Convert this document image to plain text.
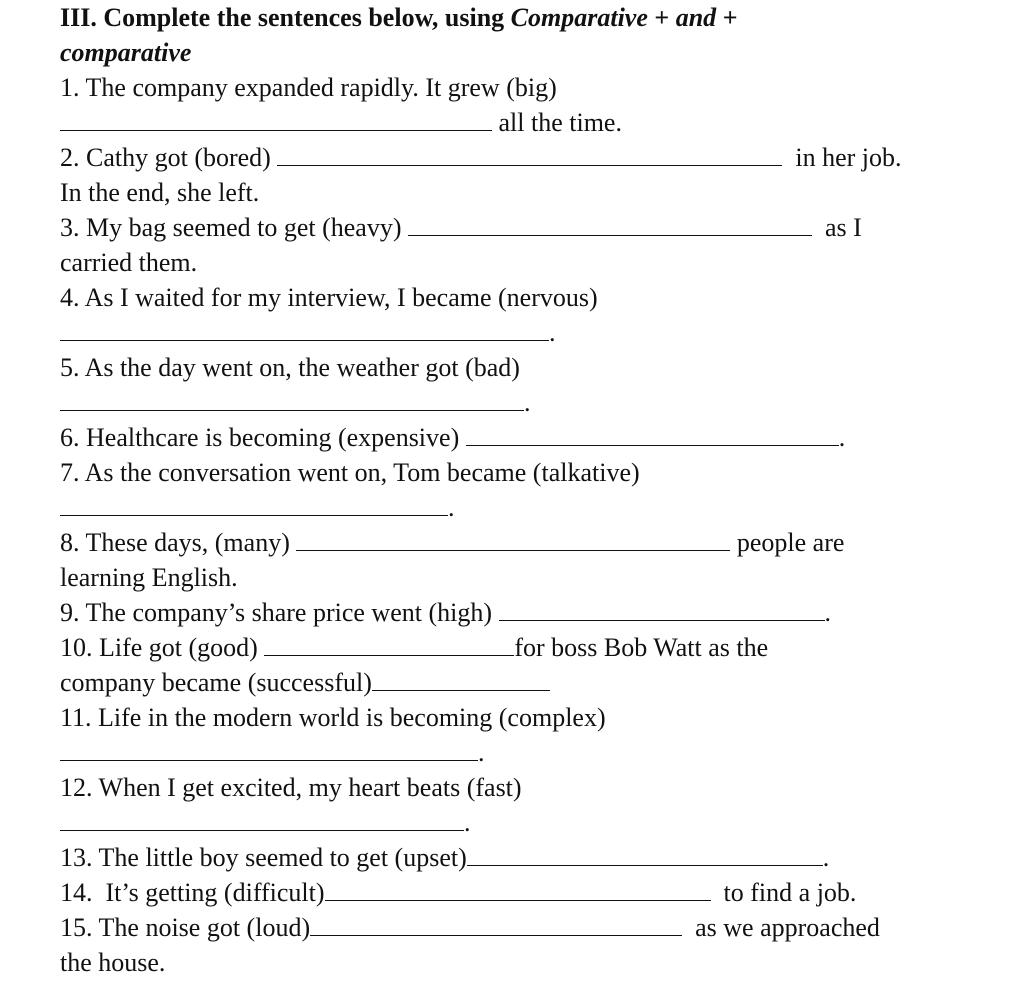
III. Complete the sentences below, using Comparative + and +
comparative
1. The company expanded rapidly. It grew (big)
all the time.
2. Cathy got (bored)	in her job.
In the end, she left.
3. My bag seemed to get (heavy)	as I
carried them.
4. As I waited for my interview, I became (nervous)
.
5. As the day went on, the weather got (bad)
.
6. Healthcare is becoming (expensive)	.
7. As the conversation went on, Tom became (talkative)
.
8. These days, (many)	people are
learning English.
9. The company’s share price went (high)	.
10. Life got (good)	for boss Bob Watt as the
company became (successful)
11. Life in the modern world is becoming (complex)
.
12. When I get excited, my heart beats (fast)
.
13. The little boy seemed to get (upset)	.
14.  It’s getting (difficult)	to find a job.
15. The noise got (loud)	as we approached
the house.
